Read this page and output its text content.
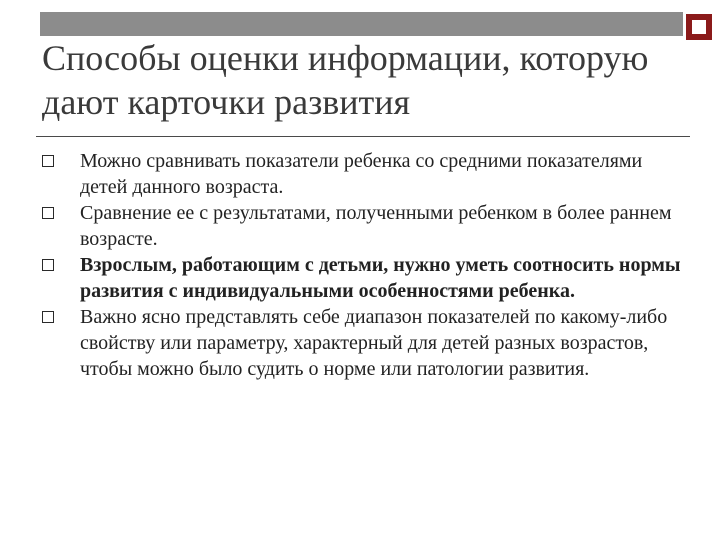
Способы оценки информации, которую дают карточки развития
Можно сравнивать показатели ребенка со средними показателями детей данного возраста.
Сравнение ее с результатами, полученными ребенком в более раннем возрасте.
Взрослым, работающим с детьми, нужно уметь соотносить нормы развития с индивидуальными особенностями ребенка.
Важно ясно представлять себе диапазон показателей по какому-либо свойству или параметру, характерный для детей разных возрастов, чтобы можно было судить о норме или патологии развития.
